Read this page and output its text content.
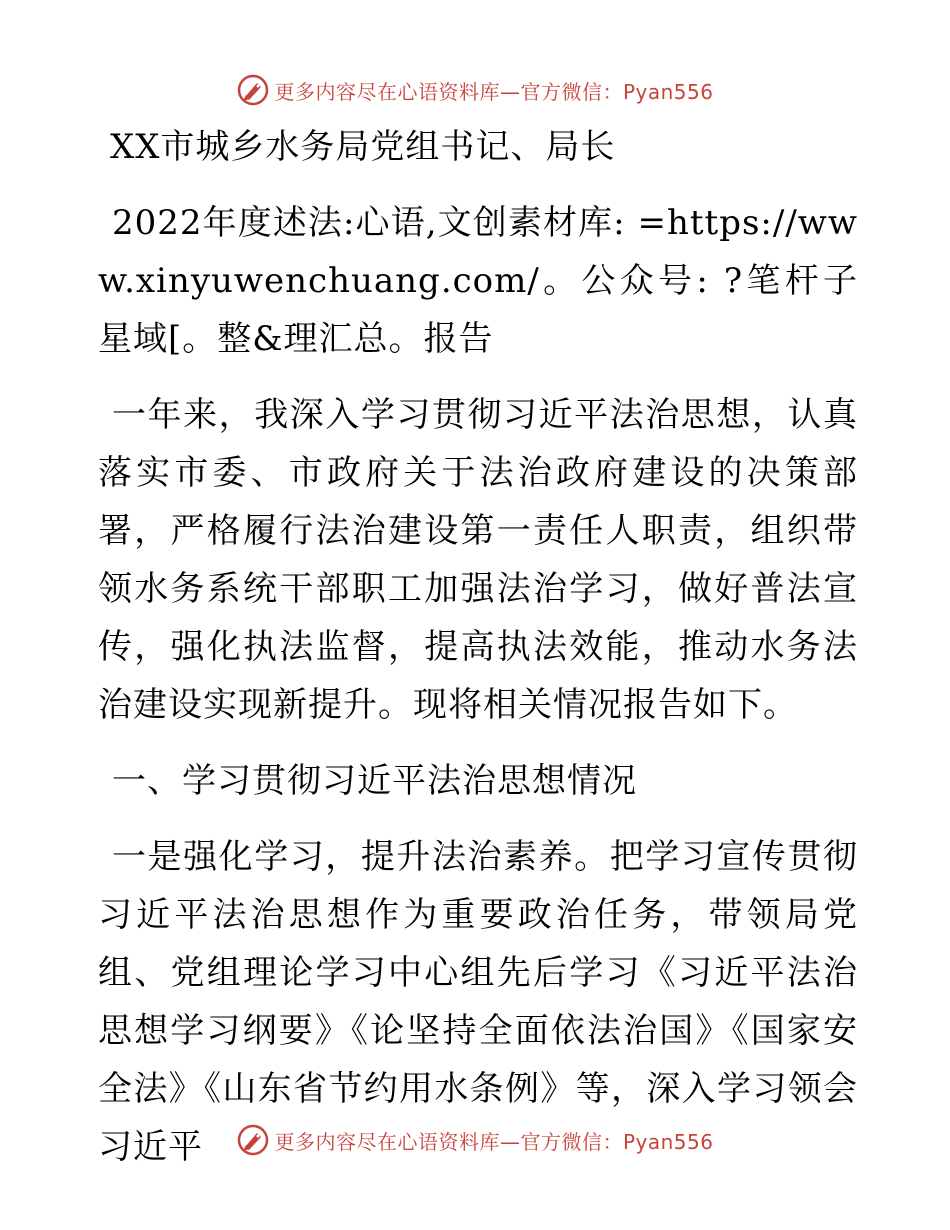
更多内容尽在心语资料库—官方微信：Pyan556

XX市城乡水务局党组书记、局长

2022年度述法:心语,文创素材库: =https://www.xinyuwenchuang.com/。公众号: ?笔杆子星域[。整&理汇总。报告

一年来，我深入学习贯彻习近平法治思想，认真落实市委、市政府关于法治政府建设的决策部署，严格履行法治建设第一责任人职责，组织带领水务系统干部职工加强法治学习，做好普法宣传，强化执法监督，提高执法效能，推动水务法治建设实现新提升。现将相关情况报告如下。

一、学习贯彻习近平法治思想情况

一是强化学习，提升法治素养。把学习宣传贯彻习近平法治思想作为重要政治任务，带领局党组、党组理论学习中心组先后学习《习近平法治思想学习纲要》《论坚持全面依法治国》《国家安全法》《山东省节约用水条例》等，深入学习领会习近平	更多内容尽在心语资料库—官方微信：Pyan556
